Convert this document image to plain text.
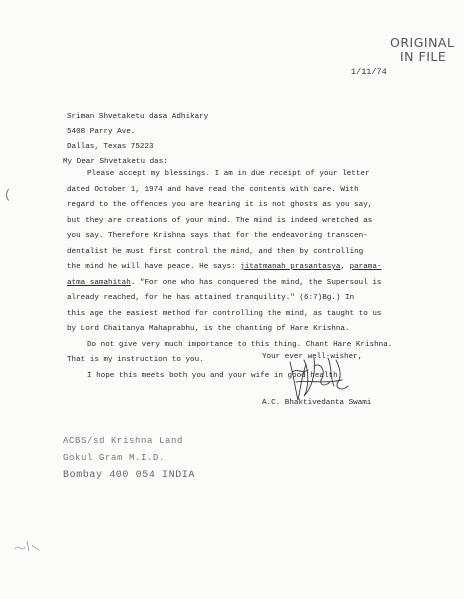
ORIGINAL
IN FILE
1/11/74
Sriman Shvetaketu dasa Adhikary
5408 Parry Ave.
Dallas, Texas 75223
My Dear Shvetaketu das:
(

Please accept my blessings. I am in due receipt of your letter
dated October 1, 1974 and have read the contents with care. With
regard to the offences you are hearing it is not ghosts as you say,
but they are creations of your mind. The mind is indeed wretched as
you say. Therefore Krishna says that for the endeavoring transcen-
dentalist he must first control the mind, and then by controlling
the mind he will have peace. He says: jitatmanah prasantasya, parama-
atma samahitah. "For one who has conquered the mind, the Supersoul is
already reached, for he has attained tranquility." (6:7)Bg.) In
this age the easiest method for controlling the mind, as taught to us
by Lord Chaitanya Mahaprabhu, is the chanting of Hare Krishna.

Do not give very much importance to this thing. Chant Hare Krishna.
That is my instruction to you.

I hope this meets both you and your wife in good health.

Your ever well-wisher,
A.C. Bhaktivedanta Swami
ACBS/sd Krishna Land
Gokul Gram M.I.D.
Bombay 400 054 INDIA
